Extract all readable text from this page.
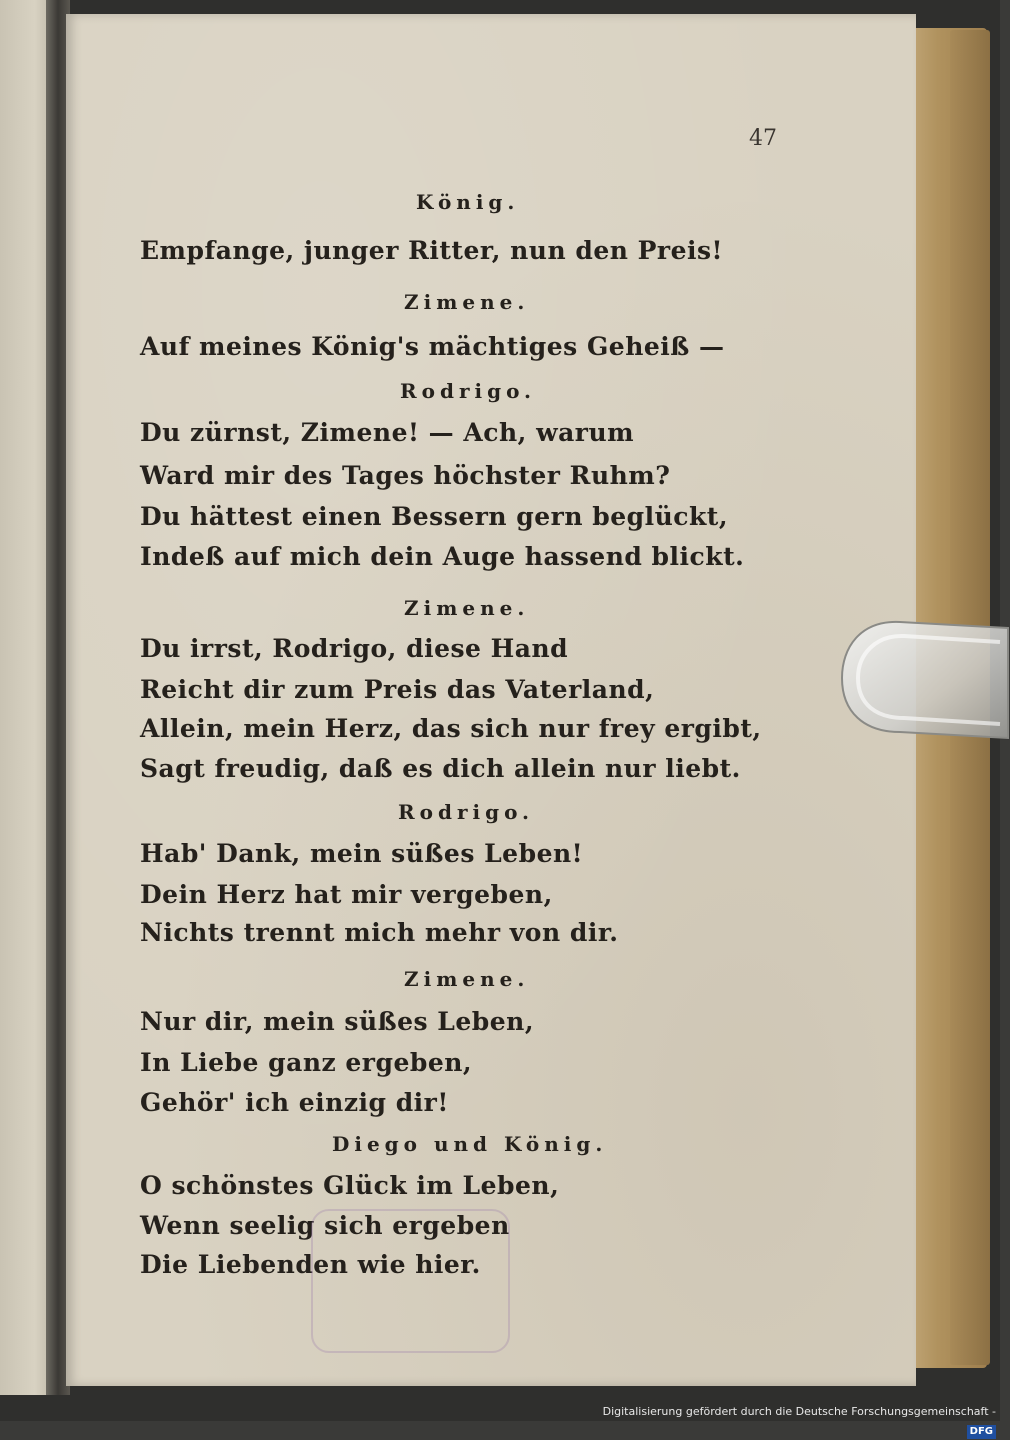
47
König.
Empfange, junger Ritter, nun den Preis!
Zimene.
Auf meines König's mächtiges Geheiß —
Rodrigo.
Du zürnst, Zimene! — Ach, warum
Ward mir des Tages höchster Ruhm?
Du hättest einen Bessern gern beglückt,
Indeß auf mich dein Auge hassend blickt.
Zimene.
Du irrst, Rodrigo, diese Hand
Reicht dir zum Preis das Vaterland,
Allein, mein Herz, das sich nur frey ergibt,
Sagt freudig, daß es dich allein nur liebt.
Rodrigo.
Hab' Dank, mein süßes Leben!
Dein Herz hat mir vergeben,
Nichts trennt mich mehr von dir.
Zimene.
Nur dir, mein süßes Leben,
In Liebe ganz ergeben,
Gehör' ich einzig dir!
Diego und König.
O schönstes Glück im Leben,
Wenn seelig sich ergeben
Die Liebenden wie hier.
Digitalisierung gefördert durch die Deutsche Forschungsgemeinschaft -DFG
